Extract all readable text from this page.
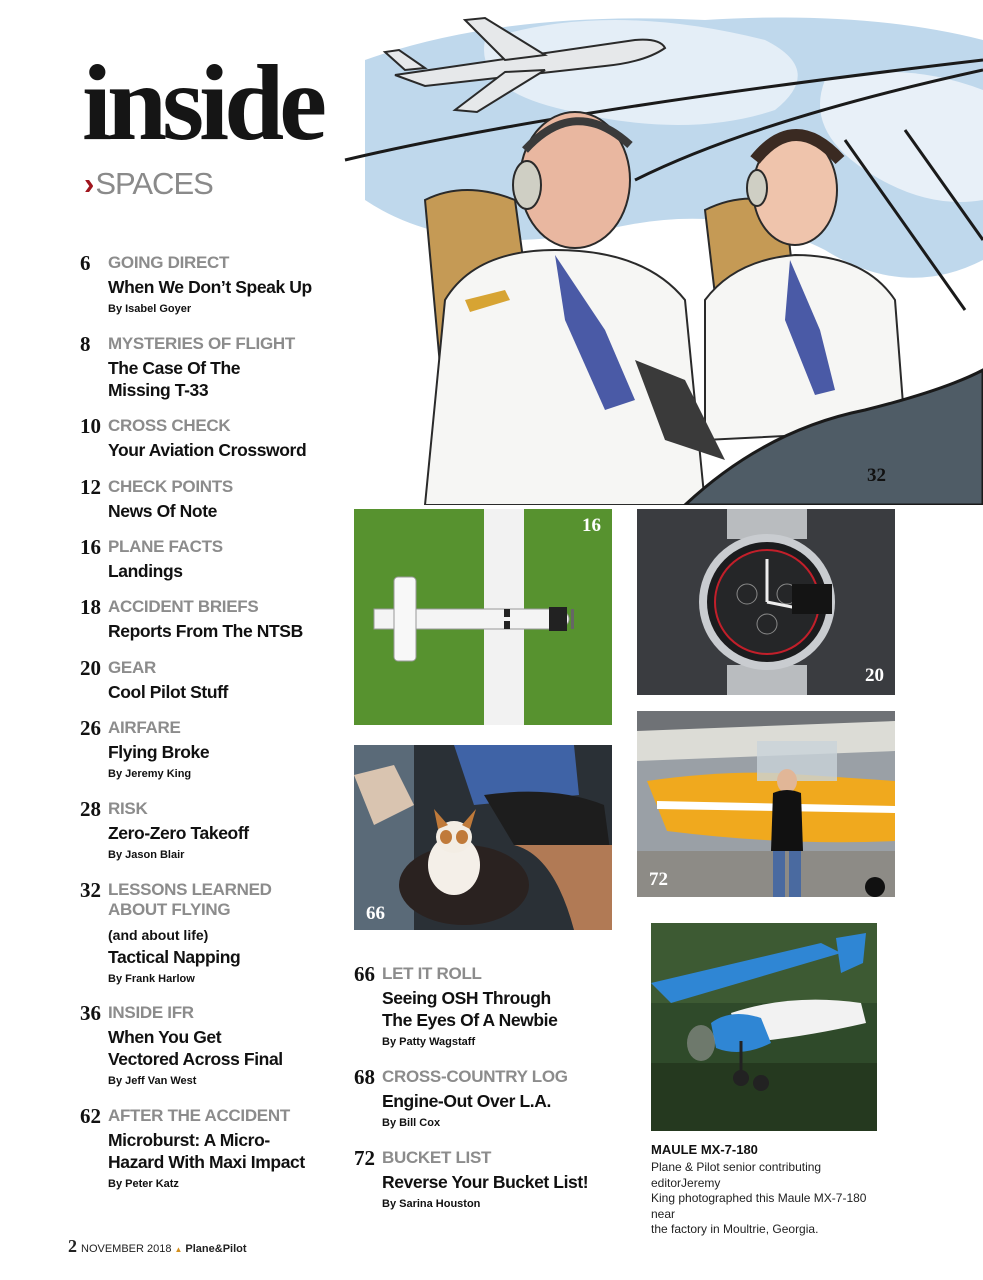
32
inside
›SPACES
6	GOING DIRECT
When We Don’t Speak Up
By Isabel Goyer
8	MYSTERIES OF FLIGHT
The Case Of The
Missing T-33
10 CROSS CHECK
Your Aviation Crossword
12 CHECK POINTS
News Of Note
16 PLANE FACTS
Landings
18 ACCIDENT BRIEFS
Reports From The NTSB
20 GEAR
Cool Pilot Stuff
26 AIRFARE
Flying Broke
By Jeremy King
28 RISK
Zero-Zero Takeoff
By Jason Blair
32 LESSONS LEARNED
ABOUT FLYING
(and about life)
Tactical Napping
By Frank Harlow
36 INSIDE IFR
When You Get
Vectored Across Final
By Jeff Van West
62 AFTER THE ACCIDENT
Microburst: A Micro-
Hazard With Maxi Impact
By Peter Katz
66 LET IT ROLL
Seeing OSH Through
The Eyes Of A Newbie
By Patty Wagstaff
68 CROSS-COUNTRY LOG
Engine-Out Over L.A.
By Bill Cox
72 BUCKET LIST
Reverse Your Bucket List!
By Sarina Houston
16
20
66
72
MAULE MX-7-180
Plane & Pilot senior contributing editorJeremy
King photographed this Maule MX-7-180 near
the factory in Moultrie, Georgia.
2 NOVEMBER 2018 ▲ Plane&Pilot
